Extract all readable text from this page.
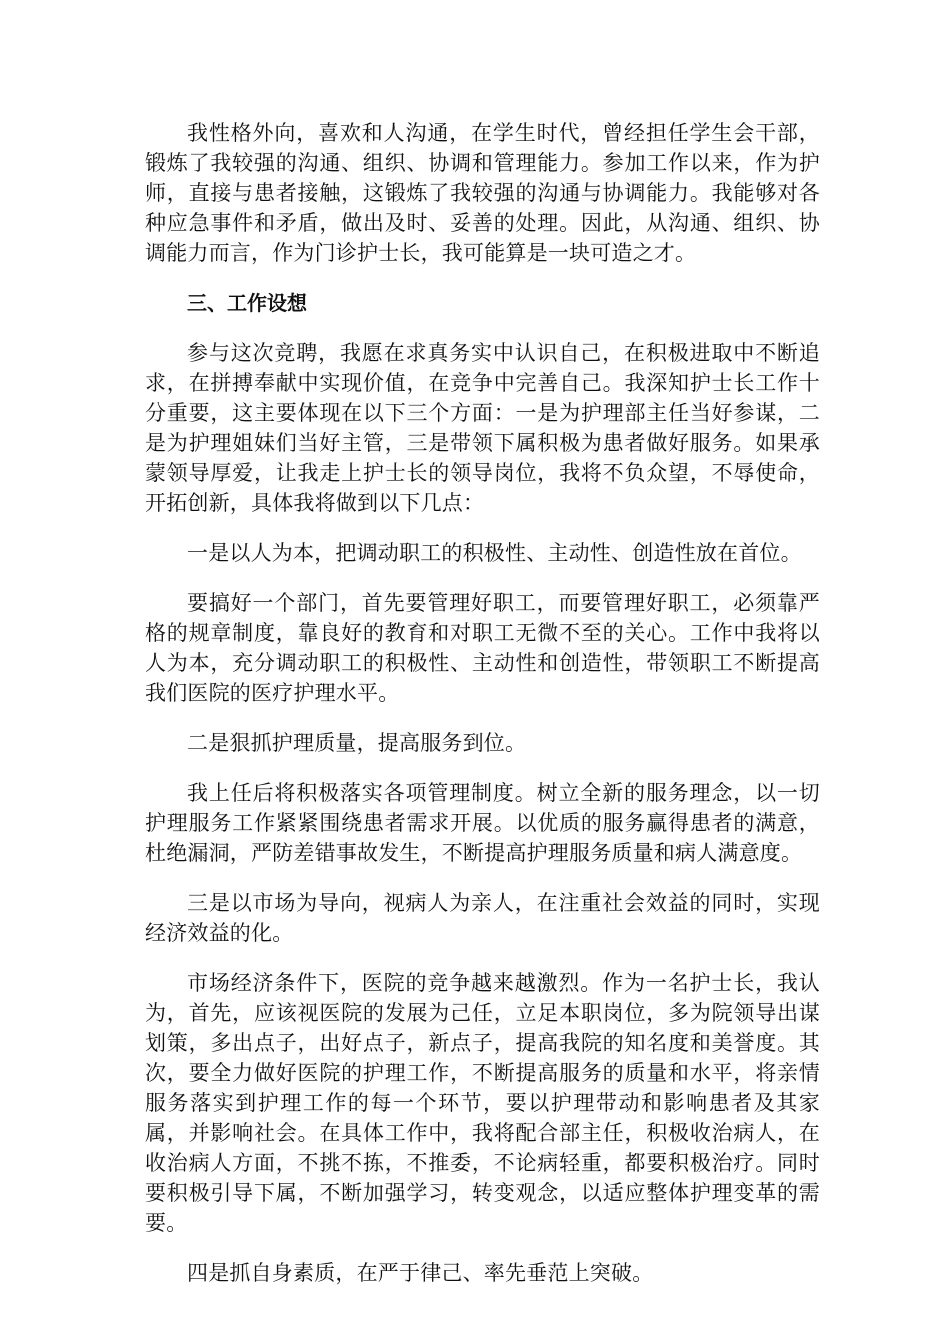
我性格外向，喜欢和人沟通，在学生时代，曾经担任学生会干部，锻炼了我较强的沟通、组织、协调和管理能力。参加工作以来，作为护师，直接与患者接触，这锻炼了我较强的沟通与协调能力。我能够对各种应急事件和矛盾，做出及时、妥善的处理。因此，从沟通、组织、协调能力而言，作为门诊护士长，我可能算是一块可造之才。

三、工作设想

参与这次竞聘，我愿在求真务实中认识自己，在积极进取中不断追求，在拼搏奉献中实现价值，在竞争中完善自己。我深知护士长工作十分重要，这主要体现在以下三个方面：一是为护理部主任当好参谋，二是为护理姐妹们当好主管，三是带领下属积极为患者做好服务。如果承蒙领导厚爱，让我走上护士长的领导岗位，我将不负众望，不辱使命，开拓创新，具体我将做到以下几点：

一是以人为本，把调动职工的积极性、主动性、创造性放在首位。

要搞好一个部门，首先要管理好职工，而要管理好职工，必须靠严格的规章制度，靠良好的教育和对职工无微不至的关心。工作中我将以人为本，充分调动职工的积极性、主动性和创造性，带领职工不断提高我们医院的医疗护理水平。

二是狠抓护理质量，提高服务到位。

我上任后将积极落实各项管理制度。树立全新的服务理念，以一切护理服务工作紧紧围绕患者需求开展。以优质的服务赢得患者的满意，杜绝漏洞，严防差错事故发生，不断提高护理服务质量和病人满意度。

三是以市场为导向，视病人为亲人，在注重社会效益的同时，实现经济效益的化。

市场经济条件下，医院的竞争越来越激烈。作为一名护士长，我认为，首先，应该视医院的发展为己任，立足本职岗位，多为院领导出谋划策，多出点子，出好点子，新点子，提高我院的知名度和美誉度。其次，要全力做好医院的护理工作，不断提高服务的质量和水平，将亲情服务落实到护理工作的每一个环节，要以护理带动和影响患者及其家属，并影响社会。在具体工作中，我将配合部主任，积极收治病人，在收治病人方面，不挑不拣，不推委，不论病轻重，都要积极治疗。同时要积极引导下属，不断加强学习，转变观念，以适应整体护理变革的需要。

四是抓自身素质，在严于律己、率先垂范上突破。
